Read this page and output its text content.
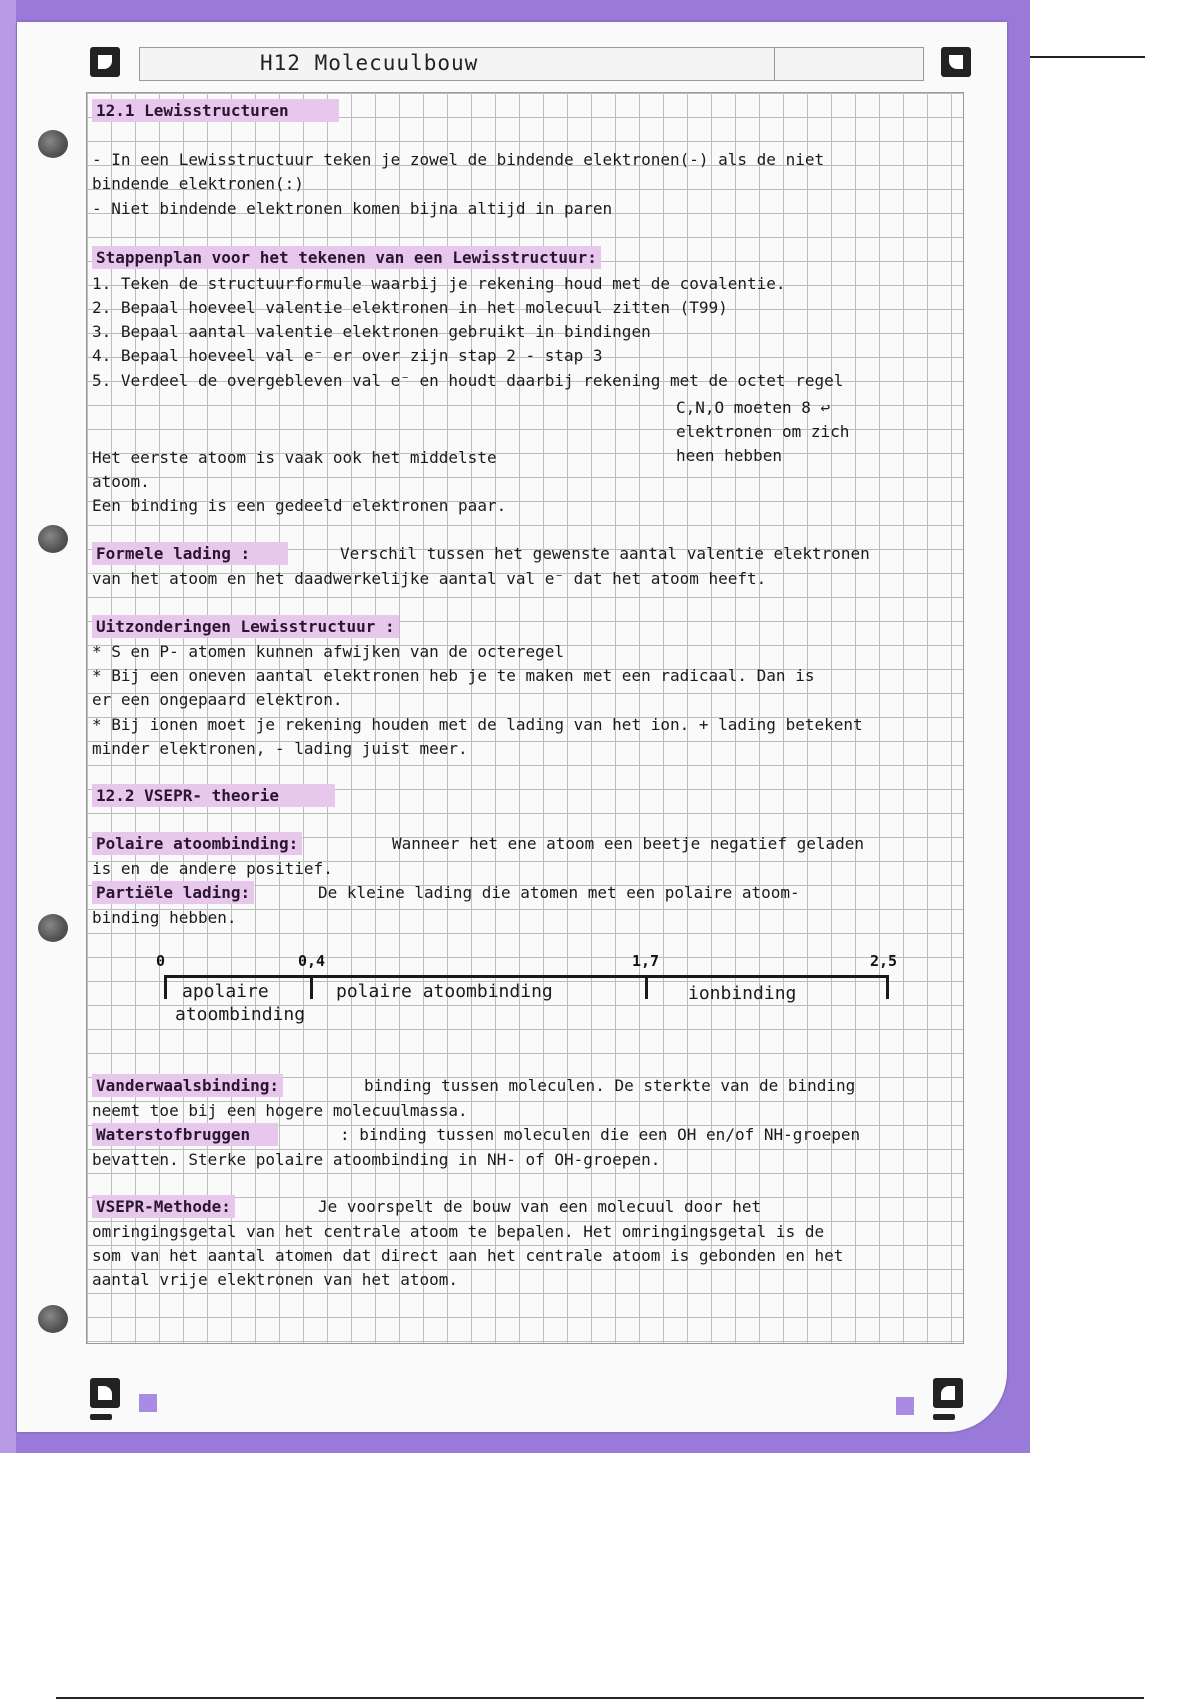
H12 Molecuulbouw
12.1 Lewisstructuren
- In een Lewisstructuur teken je zowel de bindende elektronen(-) als de niet
bindende elektronen(:)
- Niet bindende elektronen komen bijna altijd in paren
Stappenplan voor het tekenen van een Lewisstructuur:
1. Teken de structuurformule waarbij je rekening houd met de covalentie.
2. Bepaal hoeveel valentie elektronen in het molecuul zitten (T99)
3. Bepaal aantal valentie elektronen gebruikt in bindingen
4. Bepaal hoeveel val e⁻ er over zijn stap 2 - stap 3
5. Verdeel de overgebleven val e⁻ en houdt daarbij rekening met de octet regel
C,N,O moeten 8 ↩
elektronen om zich
heen hebben
Het eerste atoom is vaak ook het middelste
atoom.
Een binding is een gedeeld elektronen paar.
Formele lading :	Verschil tussen het gewenste aantal valentie elektronen
van het atoom en het daadwerkelijke aantal val e⁻ dat het atoom heeft.
Uitzonderingen Lewisstructuur :
* S en P- atomen kunnen afwijken van de octeregel
* Bij een oneven aantal elektronen heb je te maken met een radicaal. Dan is
er een ongepaard elektron.
* Bij ionen moet je rekening houden met de lading van het ion. + lading betekent
minder elektronen, - lading juist meer.
12.2 VSEPR- theorie
Polaire atoombinding:	Wanneer het ene atoom een beetje negatief geladen
is en de andere positief.
Partiële lading:	De kleine lading die atomen met een polaire atoom-
binding hebben.
0	0,4	1,7	2,5
apolaire
atoombinding
polaire atoombinding	ionbinding
Vanderwaalsbinding:	binding tussen moleculen. De sterkte van de binding
neemt toe bij een hogere molecuulmassa.
Waterstofbruggen	: binding tussen moleculen die een OH en/of NH-groepen
bevatten. Sterke polaire atoombinding in NH- of OH-groepen.
VSEPR-Methode:	Je voorspelt de bouw van een molecuul door het
omringingsgetal van het centrale atoom te bepalen. Het omringingsgetal is de
som van het aantal atomen dat direct aan het centrale atoom is gebonden en het
aantal vrije elektronen van het atoom.
